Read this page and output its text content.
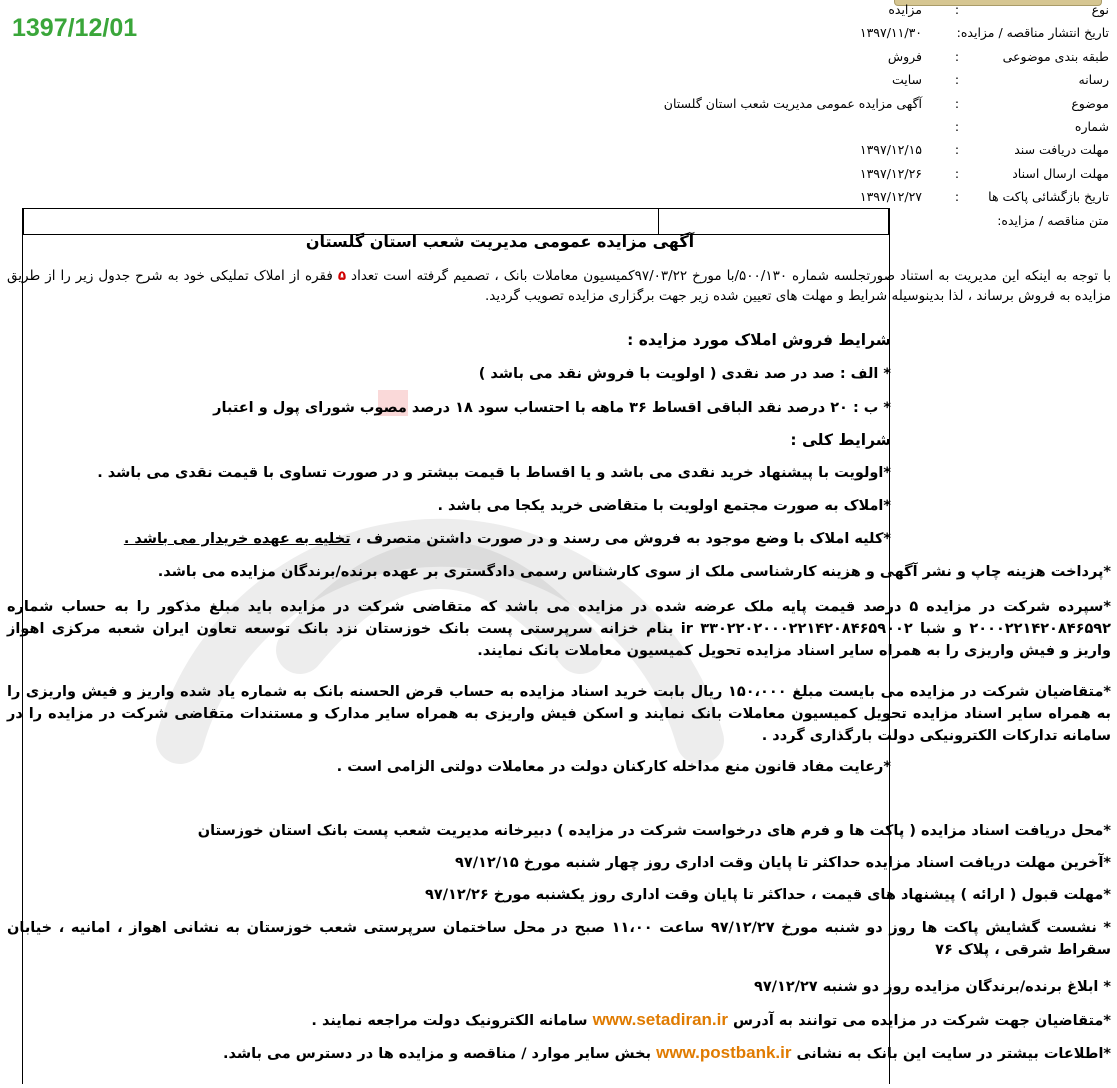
1397/12/01
نوع
:
مزایده
تاریخ انتشار مناقصه / مزایده:
۱۳۹۷/۱۱/۳۰
طبقه بندی موضوعی
:
فروش
رسانه
:
سایت
موضوع
:
آگهی مزایده عمومی مدیریت شعب استان گلستان
شماره
:
مهلت دریافت سند
:
۱۳۹۷/۱۲/۱۵
مهلت ارسال اسناد
:
۱۳۹۷/۱۲/۲۶
تاریخ بازگشائی پاکت ها
:
۱۳۹۷/۱۲/۲۷
متن مناقصه / مزایده:
آگهی مزایده عمومی مدیریت شعب استان گلستان
با توجه به اینکه این مدیریت به استناد صورتجلسه شماره ۵۰۰/۱۳۰/با مورخ ۹۷/۰۳/۲۲کمیسیون معاملات بانک ، تصمیم گرفته است تعداد ۵ فقره از املاک تملیکی خود به شرح جدول زیر را از طریق مزایده به فروش برساند ، لذا بدینوسیله شرایط و مهلت های تعیین شده زیر جهت برگزاری مزایده تصویب گردید.
شرایط فروش املاک مورد مزایده :
* الف : صد در صد نقدی ( اولویت با فروش نقد می باشد )
* ب : ۲۰ درصد نقد الباقی اقساط ۳۶ ماهه با احتساب سود ۱۸ درصد مصوب شورای پول و اعتبار
شرایط کلی :
*اولویت با پیشنهاد خرید نقدی می باشد و یا اقساط با قیمت بیشتر و در صورت تساوی با قیمت نقدی می باشد .
*املاک به صورت مجتمع اولویت با متقاضی خرید یکجا می باشد .
*کلیه املاک با وضع موجود به فروش می رسند و در صورت داشتن متصرف ، تخلیه به عهده خریدار می باشد .
*پرداخت هزینه چاپ و نشر آگهی و هزینه کارشناسی ملک از سوی کارشناس رسمی دادگستری بر عهده برنده/برندگان مزایده می باشد.
*سپرده شرکت در مزایده ۵ درصد قیمت پایه ملک عرضه شده در مزایده می باشد که متقاضی شرکت در مزایده باید مبلغ مذکور را به حساب شماره ۲۰۰۰۲۲۱۴۲۰۸۴۶۵۹۲ و شبا ir ۳۳۰۲۲۰۲۰۰۰۲۲۱۴۲۰۸۴۶۵۹۰۰۲ بنام خزانه سرپرستی پست بانک خوزستان نزد بانک توسعه تعاون ایران شعبه مرکزی اهواز واریز و فیش واریزی را به همراه سایر اسناد مزایده تحویل کمیسیون معاملات بانک نمایند.
*متقاضیان شرکت در مزایده می بایست مبلغ ۱۵۰،۰۰۰ ریال بابت خرید اسناد مزایده به حساب قرض الحسنه بانک به شماره یاد شده واریز و فیش واریزی را به همراه سایر اسناد مزایده تحویل کمیسیون معاملات بانک نمایند و اسکن فیش واریزی به همراه سایر مدارک و مستندات متقاضی شرکت در مزایده را در سامانه تدارکات الکترونیکی دولت بارگذاری گردد .
*رعایت مفاد قانون منع مداخله کارکنان دولت در معاملات دولتی الزامی است .
*محل دریافت اسناد مزایده ( پاکت ها و فرم های درخواست شرکت در مزایده ) دبیرخانه مدیریت شعب پست بانک استان خوزستان
*آخرین مهلت دریافت اسناد مزایده حداکثر تا پایان وقت اداری روز چهار شنبه مورخ ۹۷/۱۲/۱۵
*مهلت قبول ( ارائه ) پیشنهاد های قیمت ، حداکثر تا پایان وقت اداری روز یکشنبه مورخ ۹۷/۱۲/۲۶
* نشست گشایش پاکت ها روز دو شنبه مورخ ۹۷/۱۲/۲۷ ساعت ۱۱،۰۰ صبح در محل ساختمان سرپرستی شعب خوزستان به نشانی اهواز ، امانیه ، خیابان سقراط شرقی ، پلاک ۷۶
* ابلاغ برنده/برندگان مزایده روز دو شنبه ۹۷/۱۲/۲۷
*متقاضیان جهت شرکت در مزایده می توانند به آدرس www.setadiran.ir سامانه الکترونیک دولت مراجعه نمایند .
*اطلاعات بیشتر در سایت این بانک به نشانی www.postbank.ir بخش سایر موارد / مناقصه و مزایده ها در دسترس می باشد.
